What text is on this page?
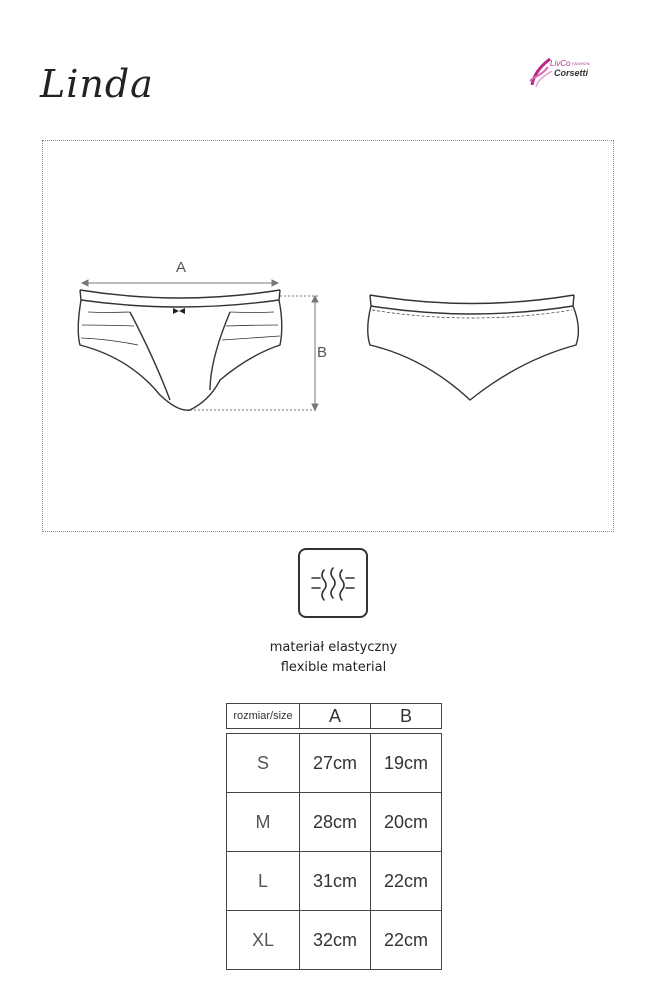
Linda	LivCo FASHION
Corsetti
A
B
materiał elastyczny
flexible material
rozmiar/size	A	B

S	27cm	19cm
M	28cm	20cm
L	31cm	22cm
XL	32cm	22cm
